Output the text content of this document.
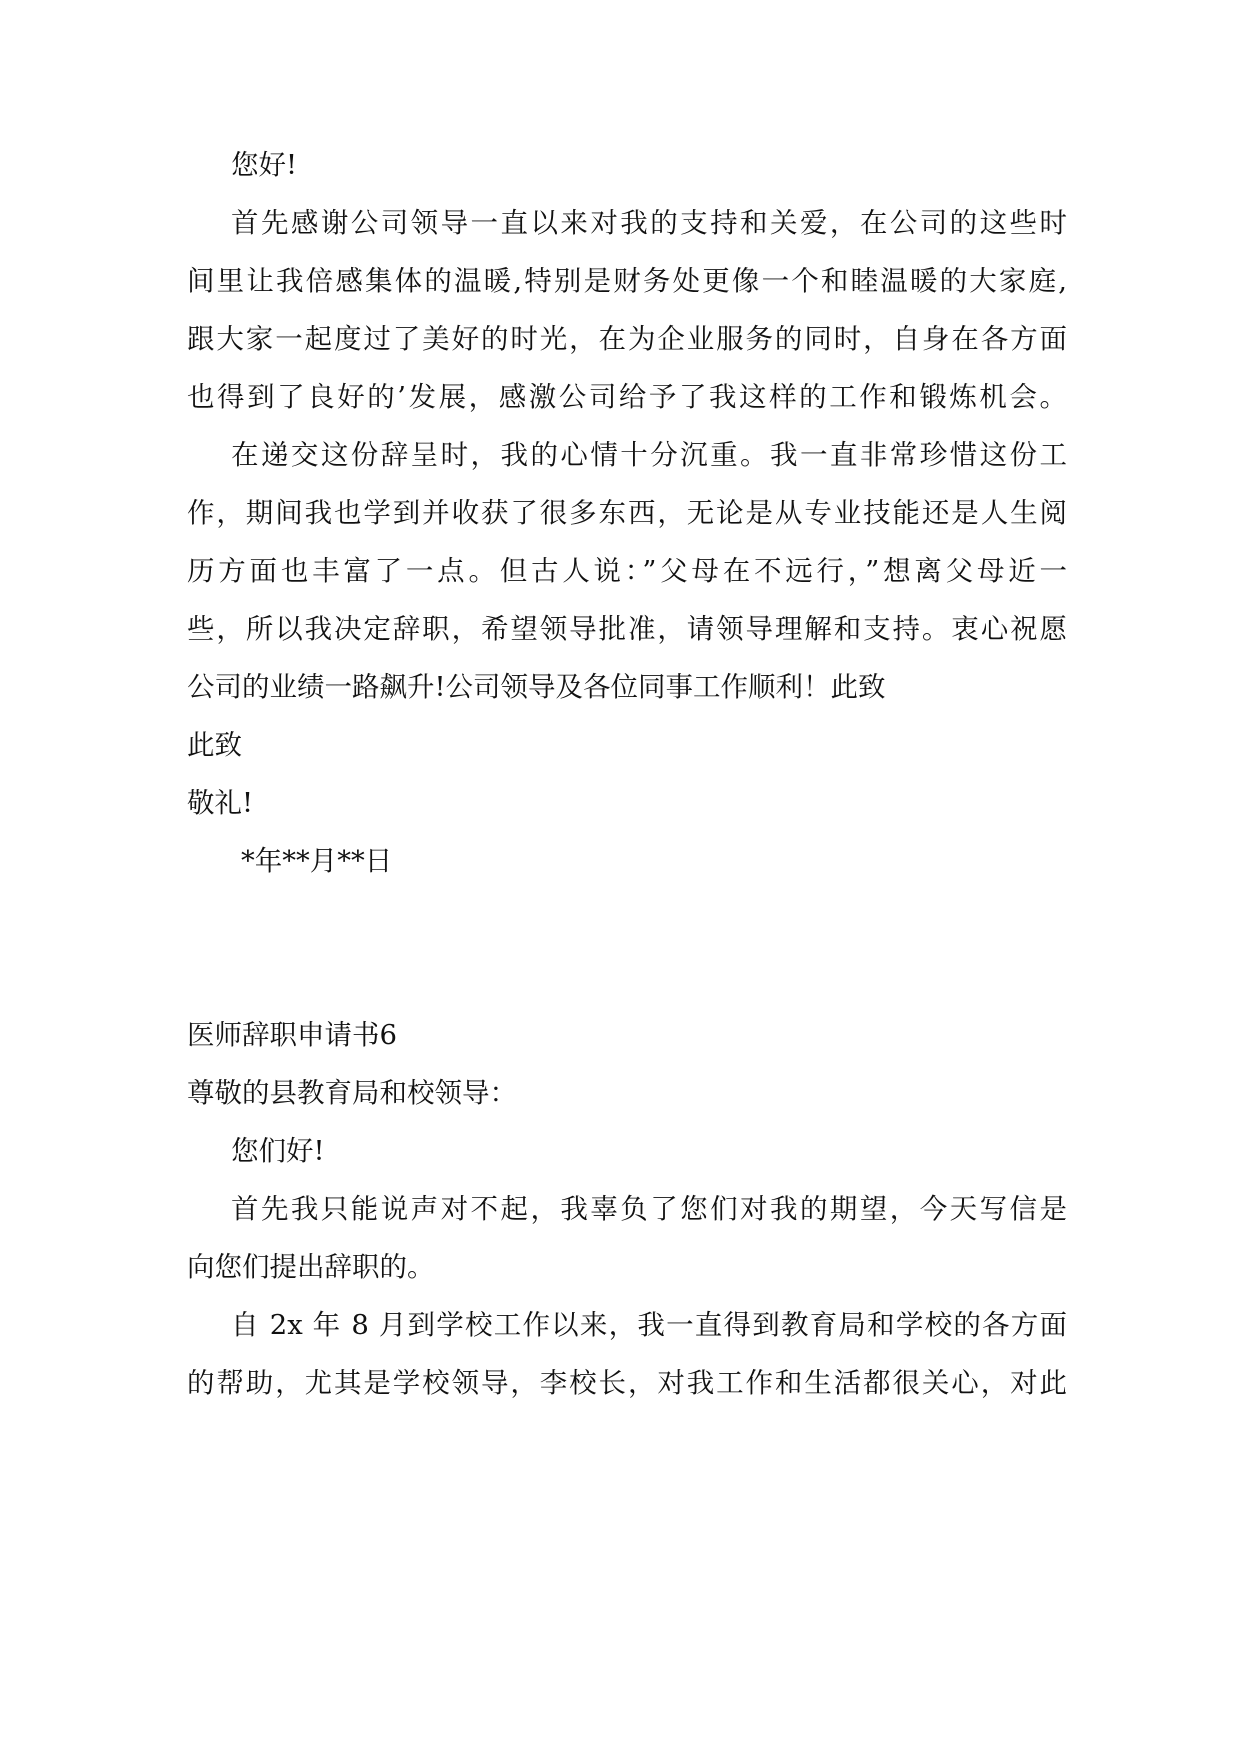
您好!

首先感谢公司领导一直以来对我的支持和关爱，在公司的这些时

间里让我倍感集体的温暖,特别是财务处更像一个和睦温暖的大家庭,

跟大家一起度过了美好的时光，在为企业服务的同时，自身在各方面

也得到了良好的’发展，感激公司给予了我这样的工作和锻炼机会。

在递交这份辞呈时，我的心情十分沉重。我一直非常珍惜这份工

作，期间我也学到并收获了很多东西，无论是从专业技能还是人生阅

历方面也丰富了一点。但古人说：”父母在不远行，”想离父母近一

些，所以我决定辞职，希望领导批准，请领导理解和支持。衷心祝愿

公司的业绩一路飙升!公司领导及各位同事工作顺利！此致

此致

敬礼!

*年**月**日

医师辞职申请书6

尊敬的县教育局和校领导：

您们好!

首先我只能说声对不起，我辜负了您们对我的期望，今天写信是

向您们提出辞职的。

自 2x 年 8 月到学校工作以来，我一直得到教育局和学校的各方面

的帮助，尤其是学校领导，李校长，对我工作和生活都很关心，对此
